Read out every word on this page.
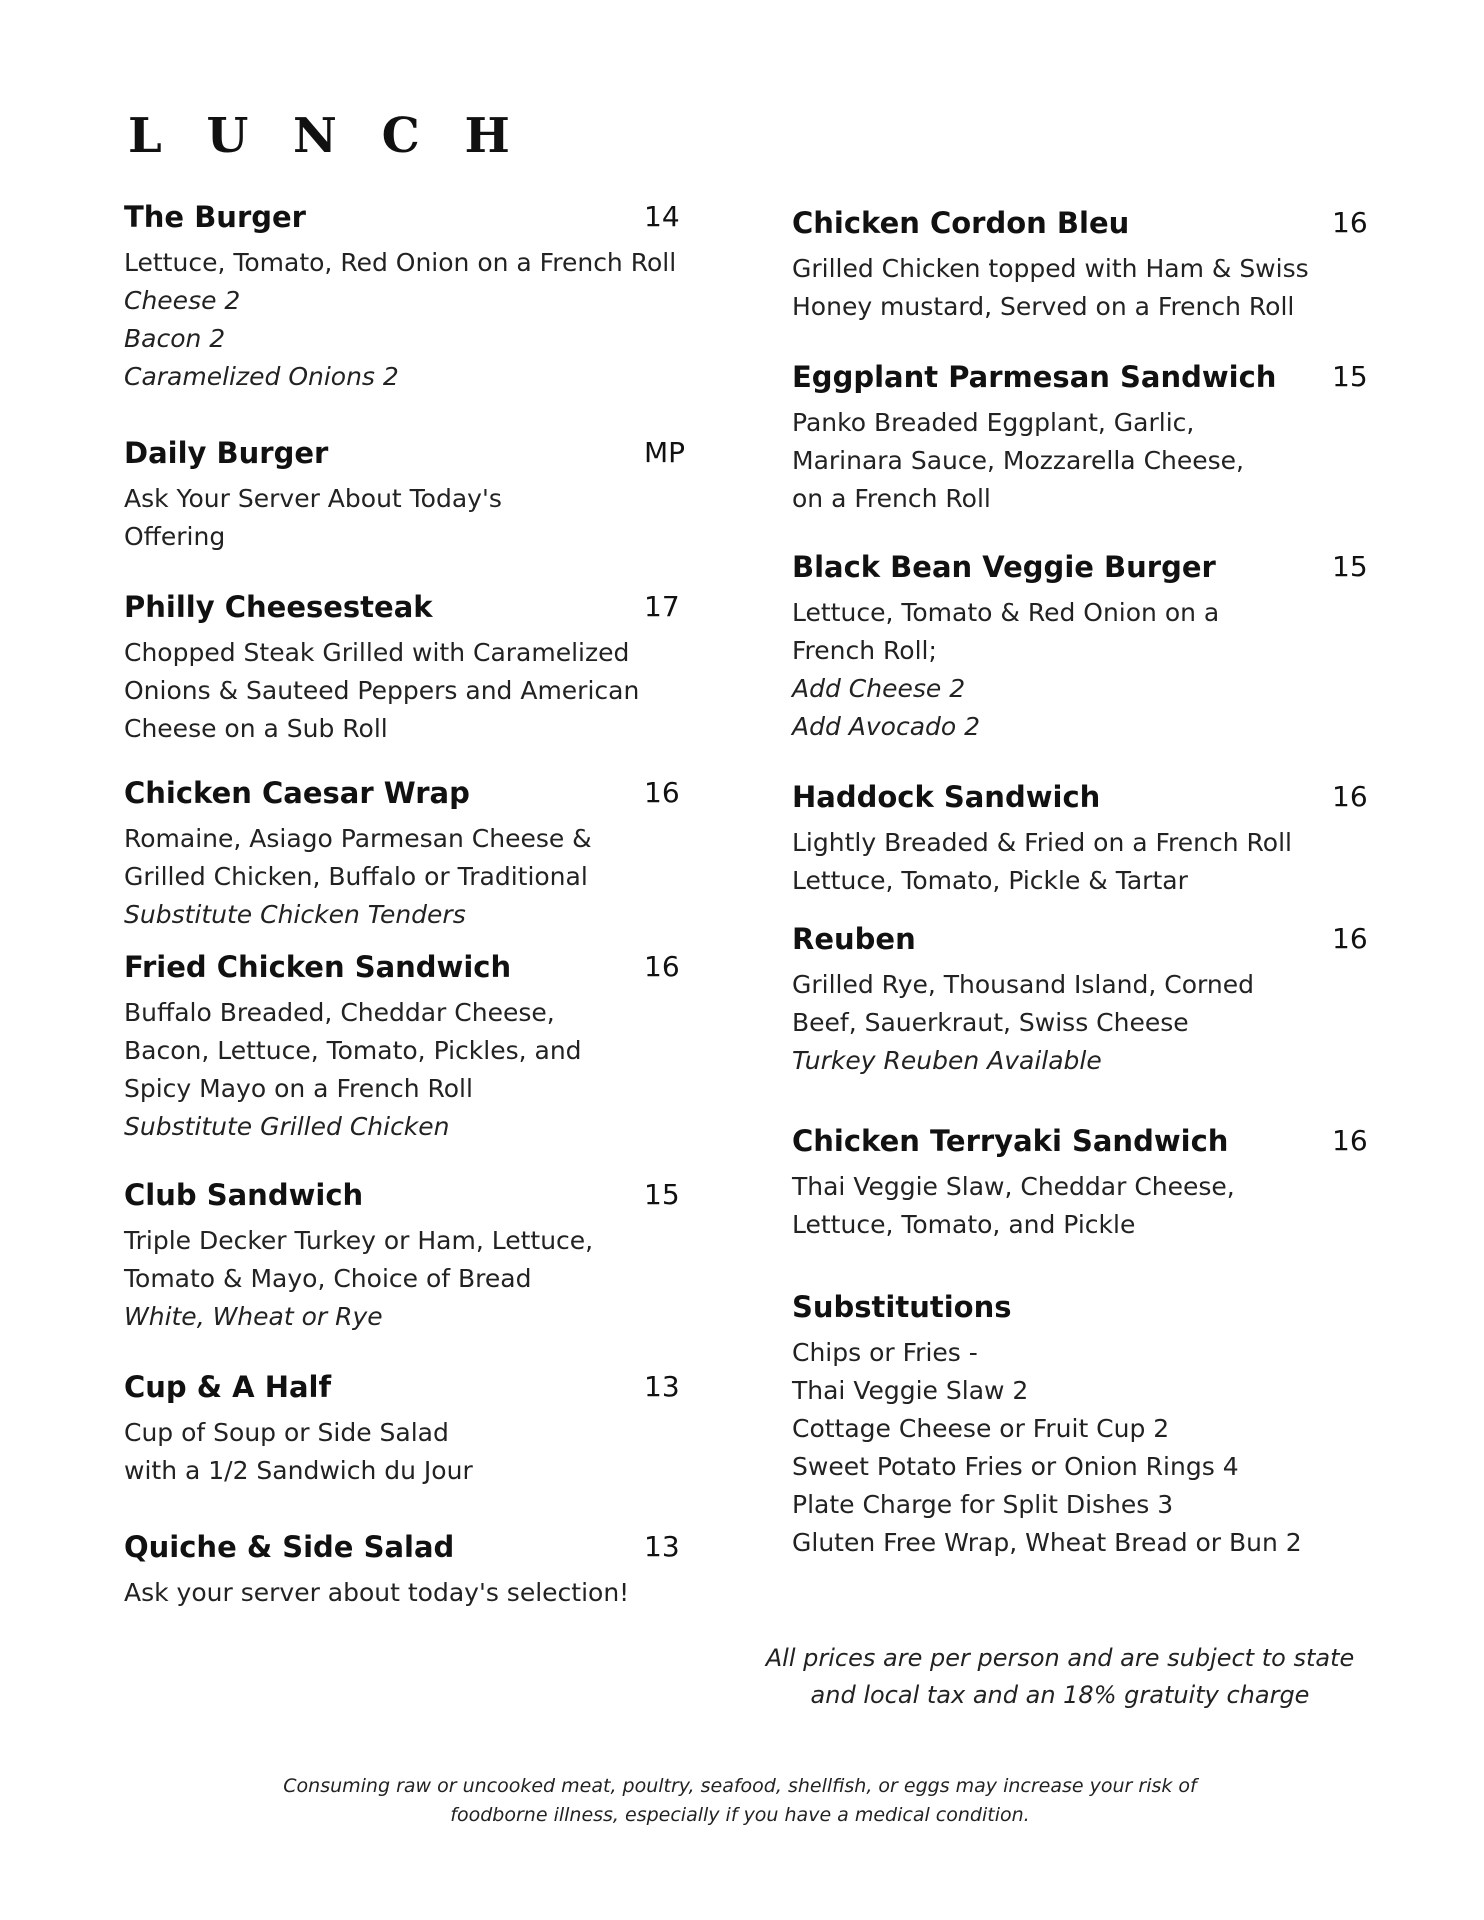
L U N C H
The Burger	14
Lettuce, Tomato, Red Onion on a French Roll
Cheese 2
Bacon 2
Caramelized Onions 2
Daily Burger	MP
Ask Your Server About Today's
Offering
Philly Cheesesteak	17
Chopped Steak Grilled with Caramelized
Onions & Sauteed Peppers and American
Cheese on a Sub Roll
Chicken Caesar Wrap	16
Romaine, Asiago Parmesan Cheese &
Grilled Chicken, Buffalo or Traditional
Substitute Chicken Tenders
Fried Chicken Sandwich	16
Buffalo Breaded, Cheddar Cheese,
Bacon, Lettuce, Tomato, Pickles, and
Spicy Mayo on a French Roll
Substitute Grilled Chicken
Club Sandwich	15
Triple Decker Turkey or Ham, Lettuce,
Tomato & Mayo, Choice of Bread
White, Wheat or Rye
Cup & A Half	13
Cup of Soup or Side Salad
with a 1/2 Sandwich du Jour
Quiche & Side Salad	13
Ask your server about today's selection!
Chicken Cordon Bleu	16
Grilled Chicken topped with Ham & Swiss
Honey mustard, Served on a French Roll
Eggplant Parmesan Sandwich 15
Panko Breaded Eggplant, Garlic,
Marinara Sauce, Mozzarella Cheese,
on a French Roll
Black Bean Veggie Burger	15
Lettuce, Tomato & Red Onion on a
French Roll;
Add Cheese 2
Add Avocado 2
Haddock Sandwich	16
Lightly Breaded & Fried on a French Roll
Lettuce, Tomato, Pickle & Tartar
Reuben	16
Grilled Rye, Thousand Island, Corned
Beef, Sauerkraut, Swiss Cheese
Turkey Reuben Available
Chicken Terryaki Sandwich	16
Thai Veggie Slaw, Cheddar Cheese,
Lettuce, Tomato, and Pickle
Substitutions
Chips or Fries -
Thai Veggie Slaw 2
Cottage Cheese or Fruit Cup 2
Sweet Potato Fries or Onion Rings 4
Plate Charge for Split Dishes 3
Gluten Free Wrap, Wheat Bread or Bun 2
All prices are per person and are subject to state
and local tax and an 18% gratuity charge
Consuming raw or uncooked meat, poultry, seafood, shellfish, or eggs may increase your risk of
foodborne illness, especially if you have a medical condition.
